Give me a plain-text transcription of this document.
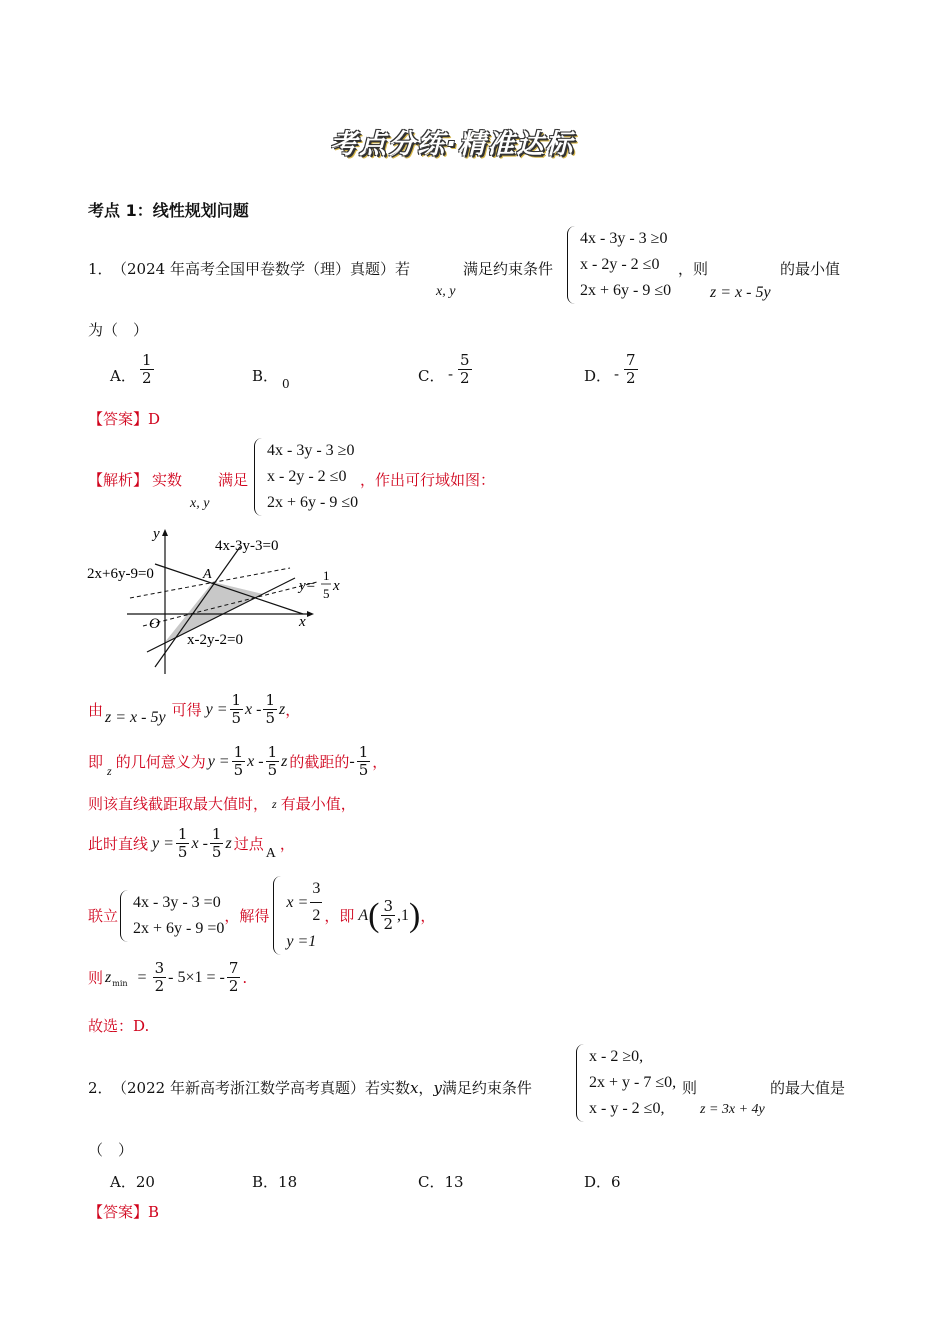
考点分练·精准达标
考点 1：线性规划问题
1． （2024 年高考全国甲卷数学（理）真题）若
x, y
满足约束条件
4x - 3y - 3 ≥0
x - 2y - 2 ≤0
2x + 6y - 9 ≤0
，则
z = x - 5y
的最小值
为（　）
A． $\frac{1}{2}$	B． 0	C． - $\frac{5}{2}$	D． - $\frac{7}{2}$
【答案】D
【解析】 实数
x, y
满足
4x - 3y - 3 ≥0
x - 2y - 2 ≤0
2x + 6y - 9 ≤0
，作出可行域如图：
y
x
O
A
4x-3y-3=0
2x+6y-9=0
x-2y-2=0
y=
1
5 x
由 z = x - 5y 可得 $y = \frac{1}{5}$ x - $\frac{1}{5}$ z ，
即
z
的几何意义为 $y = \frac{1}{5}$ x - $\frac{1}{5}$ z 的截距的 - $\frac{1}{5}$ ，
则该直线截距取最大值时， z 有最小值，
此时直线 $y = \frac{1}{5}$ x - $\frac{1}{5}$ z 过点
A
，
联立
4x - 3y - 3 =0
2x + 6y - 9 =0
，解得
$x = \frac{3}{2}$
y =1
，即 A ( $\frac{3}{2} ,1$ ) ，
则 z $\min = \frac{3}{2} - 5\times 1$ = - $\frac{7}{2}$ .
故选：D.
2． （2022 年新高考浙江数学高考真题）若实数x，y满足约束条件
x - 2 ≥0,
2x + y - 7 ≤0,
x - y - 2 ≤0,
则
z = 3x + 4y
的最大值是
（　）
A．20	B．18	C．13	D．6
【答案】B
